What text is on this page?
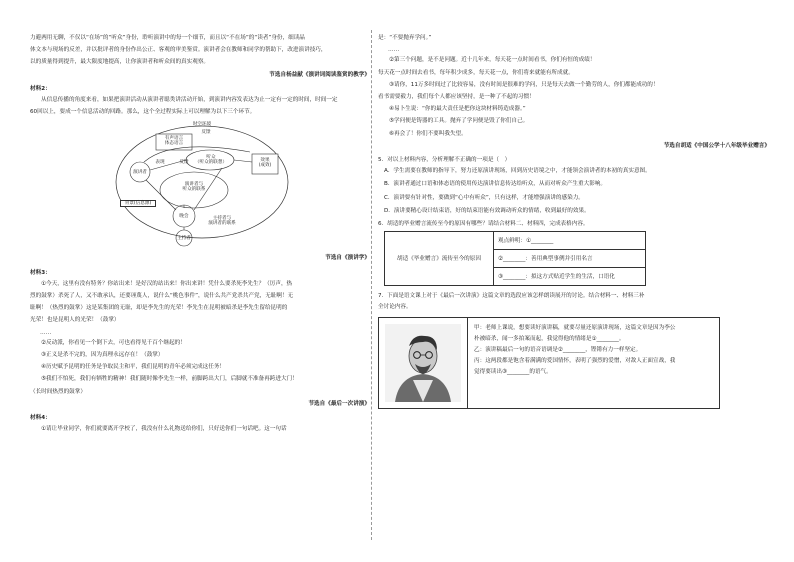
力避两用无聊，不仅以“在场”的“听众”身份，聆听演讲中的每一个细节，而且以“不在场”的“读者”身份，细读晶

体文本与现场的反差，并以批评者的身份作出公正、客观的审美鉴赏。演讲者会在教师和同学的帮助下，改进演讲技巧，

以的质量得到提升，最大限度地提高，让你演讲者和听众间的真实观察。

节选自杨益献《演讲词阅读鉴赏的教学》

材料2：

从信息传播的角度来看，如果把演讲活动从演讲者聪类讲活动开始，到演讲内容发表达为止一定有一定的时间，时间一定

60回以上，要成一个信息活动的回路。那么，这个全过程实际上可以理解为以下三个环节。

时空环境
有声语言
体态语言
反馈
表现	反馈
演讲者
听众
（听众的联想）
演讲者与
听众的联系
效果
(成效)
背景(信息源)
晚会
主持者
主持者与
演讲者的联系

节选自《演讲学》

材料3：

①今天，这里有没有特务？你站出来！是好汉的站出来！你出来讲！凭什么要杀死李先生？（厉声，热

烈的鼓掌）杀死了人，又不敢承认，还要诬蔑人，说什么“桃色事件”，说什么共产党杀共产党，无耻啊！无

耻啊！（热烈的鼓掌）这是某集团的无耻，却是李先生的光荣！李先生在昆明被暗杀是李先生留给昆明的

光荣！也是昆明人的光荣！（鼓掌）

……

②反动派，你看见一个倒下去，可也看得见千百个继起的！

③正义是杀不完的，因为真理永远存在！（鼓掌）

④历史赋予昆明的任务是争取民主和平，我们昆明的青年必须完成这任务！

⑤我们不怕死，我们有牺牲的精神！我们随时像李先生一样，前脚跨出大门，后脚就不准备再跨进大门！

（长时间热烈的鼓掌）

节选自《最后一次讲演》

材料4：

①请让毕业同学，你们就要离开学校了，我没有什么礼物送给你们，只好送你们一句话吧。这一句话

是：“不要抛弃学问。”

……

②第三个问题，是不是问题。近十几年来，每天花一点时间看书，你们有恒的成绩！

每天花一点时间去看书，每年积少成多，每天花一点，你们将来就能有所成就。

③请你，11万多时间过了比较容易，没有时间是很难的学问，只是每天去做一个勤劳的人，你们都能成功的！

看书需要毅力，我们每个人都应该坚持，是一种了不起的习惯！

④易卜生说：“你的最大责任是把你这块材料铸造成器。”

⑤学问便是铸器的工具。抛弃了学问便是毁了你们自己。

⑥再会了！你们不要叫我失望。

节选自胡适《中国公学十八年级毕业赠言》

5．对以上材料内容，分析理解不正确的一项是（　）

A．学生需要在教师的指导下，努力还原演讲现场，回到历史语境之中，才能领会演讲者的本初的真实意图。

B．演讲者通过口语和体态语的使用传达演讲信息传达给听众，从而对听众产生重大影响。

C．演讲要有针对性，要做到“心中有听众”，只有这样，才能增强演讲的感染力。

D．演讲要精心设计结束语，好的结束语能有效调动听众的情绪，收到最好的效果。

6．胡适的毕业赠言流传至今的原因有哪些？请结合材料二、材料四，完成表格内容。

胡适《毕业赠言》流传至今的原因	观点鲜明：①________
②________：善用典型事例并引用名言
③________：拟这方式贴近学生的生活，口语化

7．下面是语文课上对于《最后一次讲演》这篇文章的选段应该怎样朗读展开的讨论。结合材料一、材料三补

全讨论内容。

甲：老师上课说，想要读好演讲稿，就要尽量还原演讲现场，这篇文章是因为李公

朴被暗杀，闻一多拍案而起，我觉得他的情绪是①________。

乙：演讲稿最后一句的语音语调是②________，铿锵有力一样坚定。

丙：这两段都是饱含着满满的爱国情怀，表明了强烈的爱憎，对敌人正面宣战，我

觉得要读出③________的语气。
